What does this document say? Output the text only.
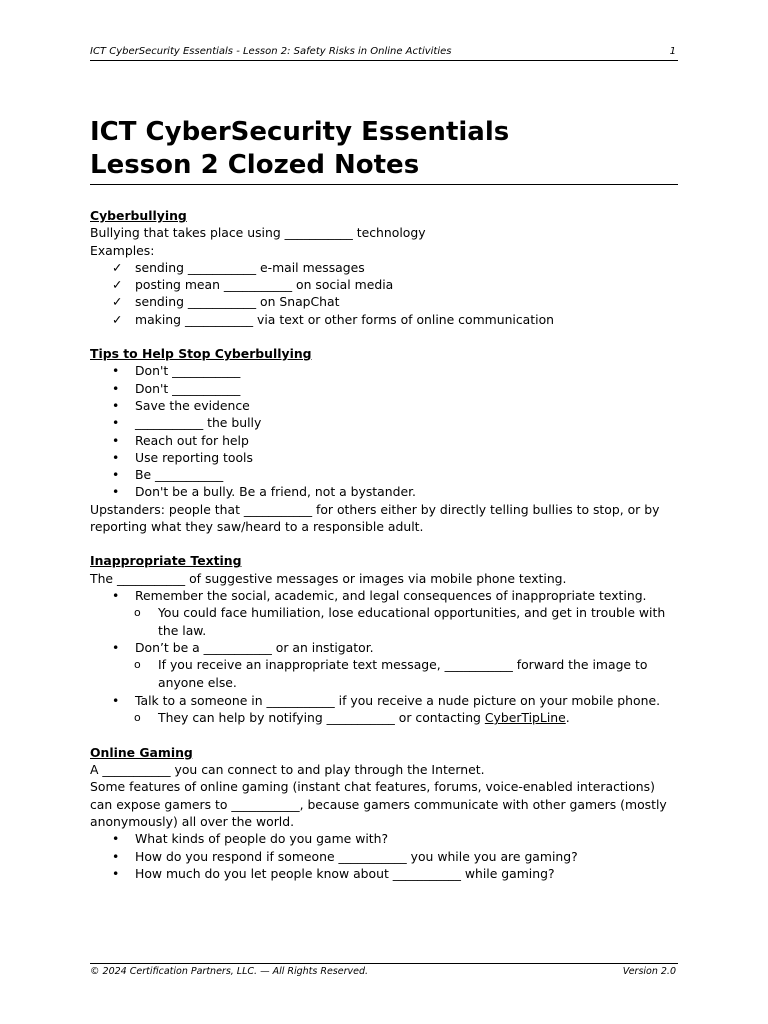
ICT CyberSecurity Essentials - Lesson 2: Safety Risks in Online Activities	1
ICT CyberSecurity Essentials
Lesson 2 Clozed Notes

Cyberbullying

Bullying that takes place using ___________ technology

Examples:

✓ sending ___________ e-mail messages
✓ posting mean ___________ on social media
✓ sending ___________ on SnapChat
✓ making ___________ via text or other forms of online communication

Tips to Help Stop Cyberbullying

• Don't ___________
• Don't ___________
• Save the evidence
• ___________ the bully
• Reach out for help
• Use reporting tools
• Be ___________
• Don't be a bully. Be a friend, not a bystander.

Upstanders: people that ___________ for others either by directly telling bullies to stop, or by reporting what they saw/heard to a responsible adult.

Inappropriate Texting

The ___________ of suggestive messages or images via mobile phone texting.

• Remember the social, academic, and legal consequences of inappropriate texting.
o You could face humiliation, lose educational opportunities, and get in trouble with the law.
• Don’t be a ___________ or an instigator.
o If you receive an inappropriate text message, ___________ forward the image to anyone else.
• Talk to a someone in ___________ if you receive a nude picture on your mobile phone.
o They can help by notifying ___________ or contacting CyberTipLine.

Online Gaming

A ___________ you can connect to and play through the Internet.

Some features of online gaming (instant chat features, forums, voice-enabled interactions) can expose gamers to ___________, because gamers communicate with other gamers (mostly anonymously) all over the world.

• What kinds of people do you game with?
• How do you respond if someone ___________ you while you are gaming?
• How much do you let people know about ___________ while gaming?
© 2024 Certification Partners, LLC. — All Rights Reserved.	Version 2.0
